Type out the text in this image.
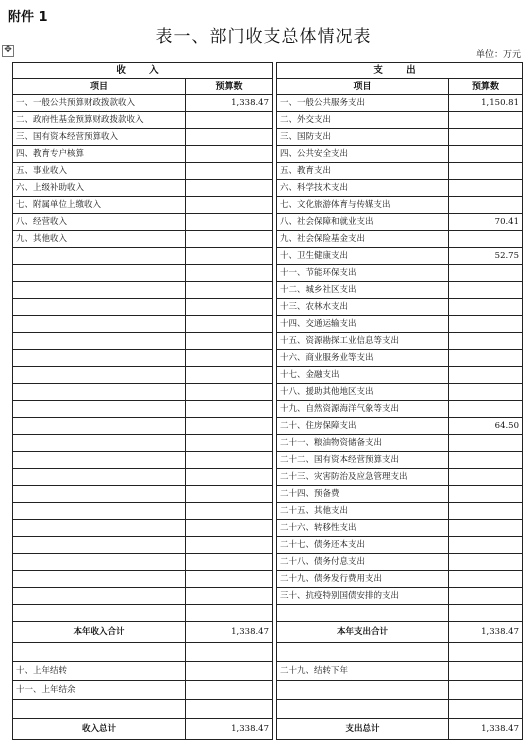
附件 1
✥
表一、部门收支总体情况表
单位：万元
收 入			支 出	
项目	预算数		项目	预算数
一、一般公共预算财政拨款收入	1,338.47		一、一般公共服务支出	1,150.81
二、政府性基金预算财政拨款收入			二、外交支出	
三、国有资本经营预算收入			三、国防支出	
四、教育专户核算			四、公共安全支出	
五、事业收入			五、教育支出	
六、上级补助收入			六、科学技术支出	
七、附属单位上缴收入			七、文化旅游体育与传媒支出	
八、经营收入			八、社会保障和就业支出	70.41
九、其他收入			九、社会保险基金支出	
			十、卫生健康支出	52.75
			十一、节能环保支出	
			十二、城乡社区支出	
			十三、农林水支出	
			十四、交通运输支出	
			十五、资源勘探工业信息等支出	
			十六、商业服务业等支出	
			十七、金融支出	
			十八、援助其他地区支出	
			十九、自然资源海洋气象等支出	
			二十、住房保障支出	64.50
			二十一、粮油物资储备支出	
			二十二、国有资本经营预算支出	
			二十三、灾害防治及应急管理支出	
			二十四、预备费	
			二十五、其他支出	
			二十六、转移性支出	
			二十七、债务还本支出	
			二十八、债务付息支出	
			二十九、债务发行费用支出	
			三十、抗疫特别国债安排的支出	

本年收入合计	1,338.47		本年支出合计	1,338.47

十、上年结转			二十九、结转下年	
十一、上年结余				

收入总计	1,338.47		支出总计	1,338.47
